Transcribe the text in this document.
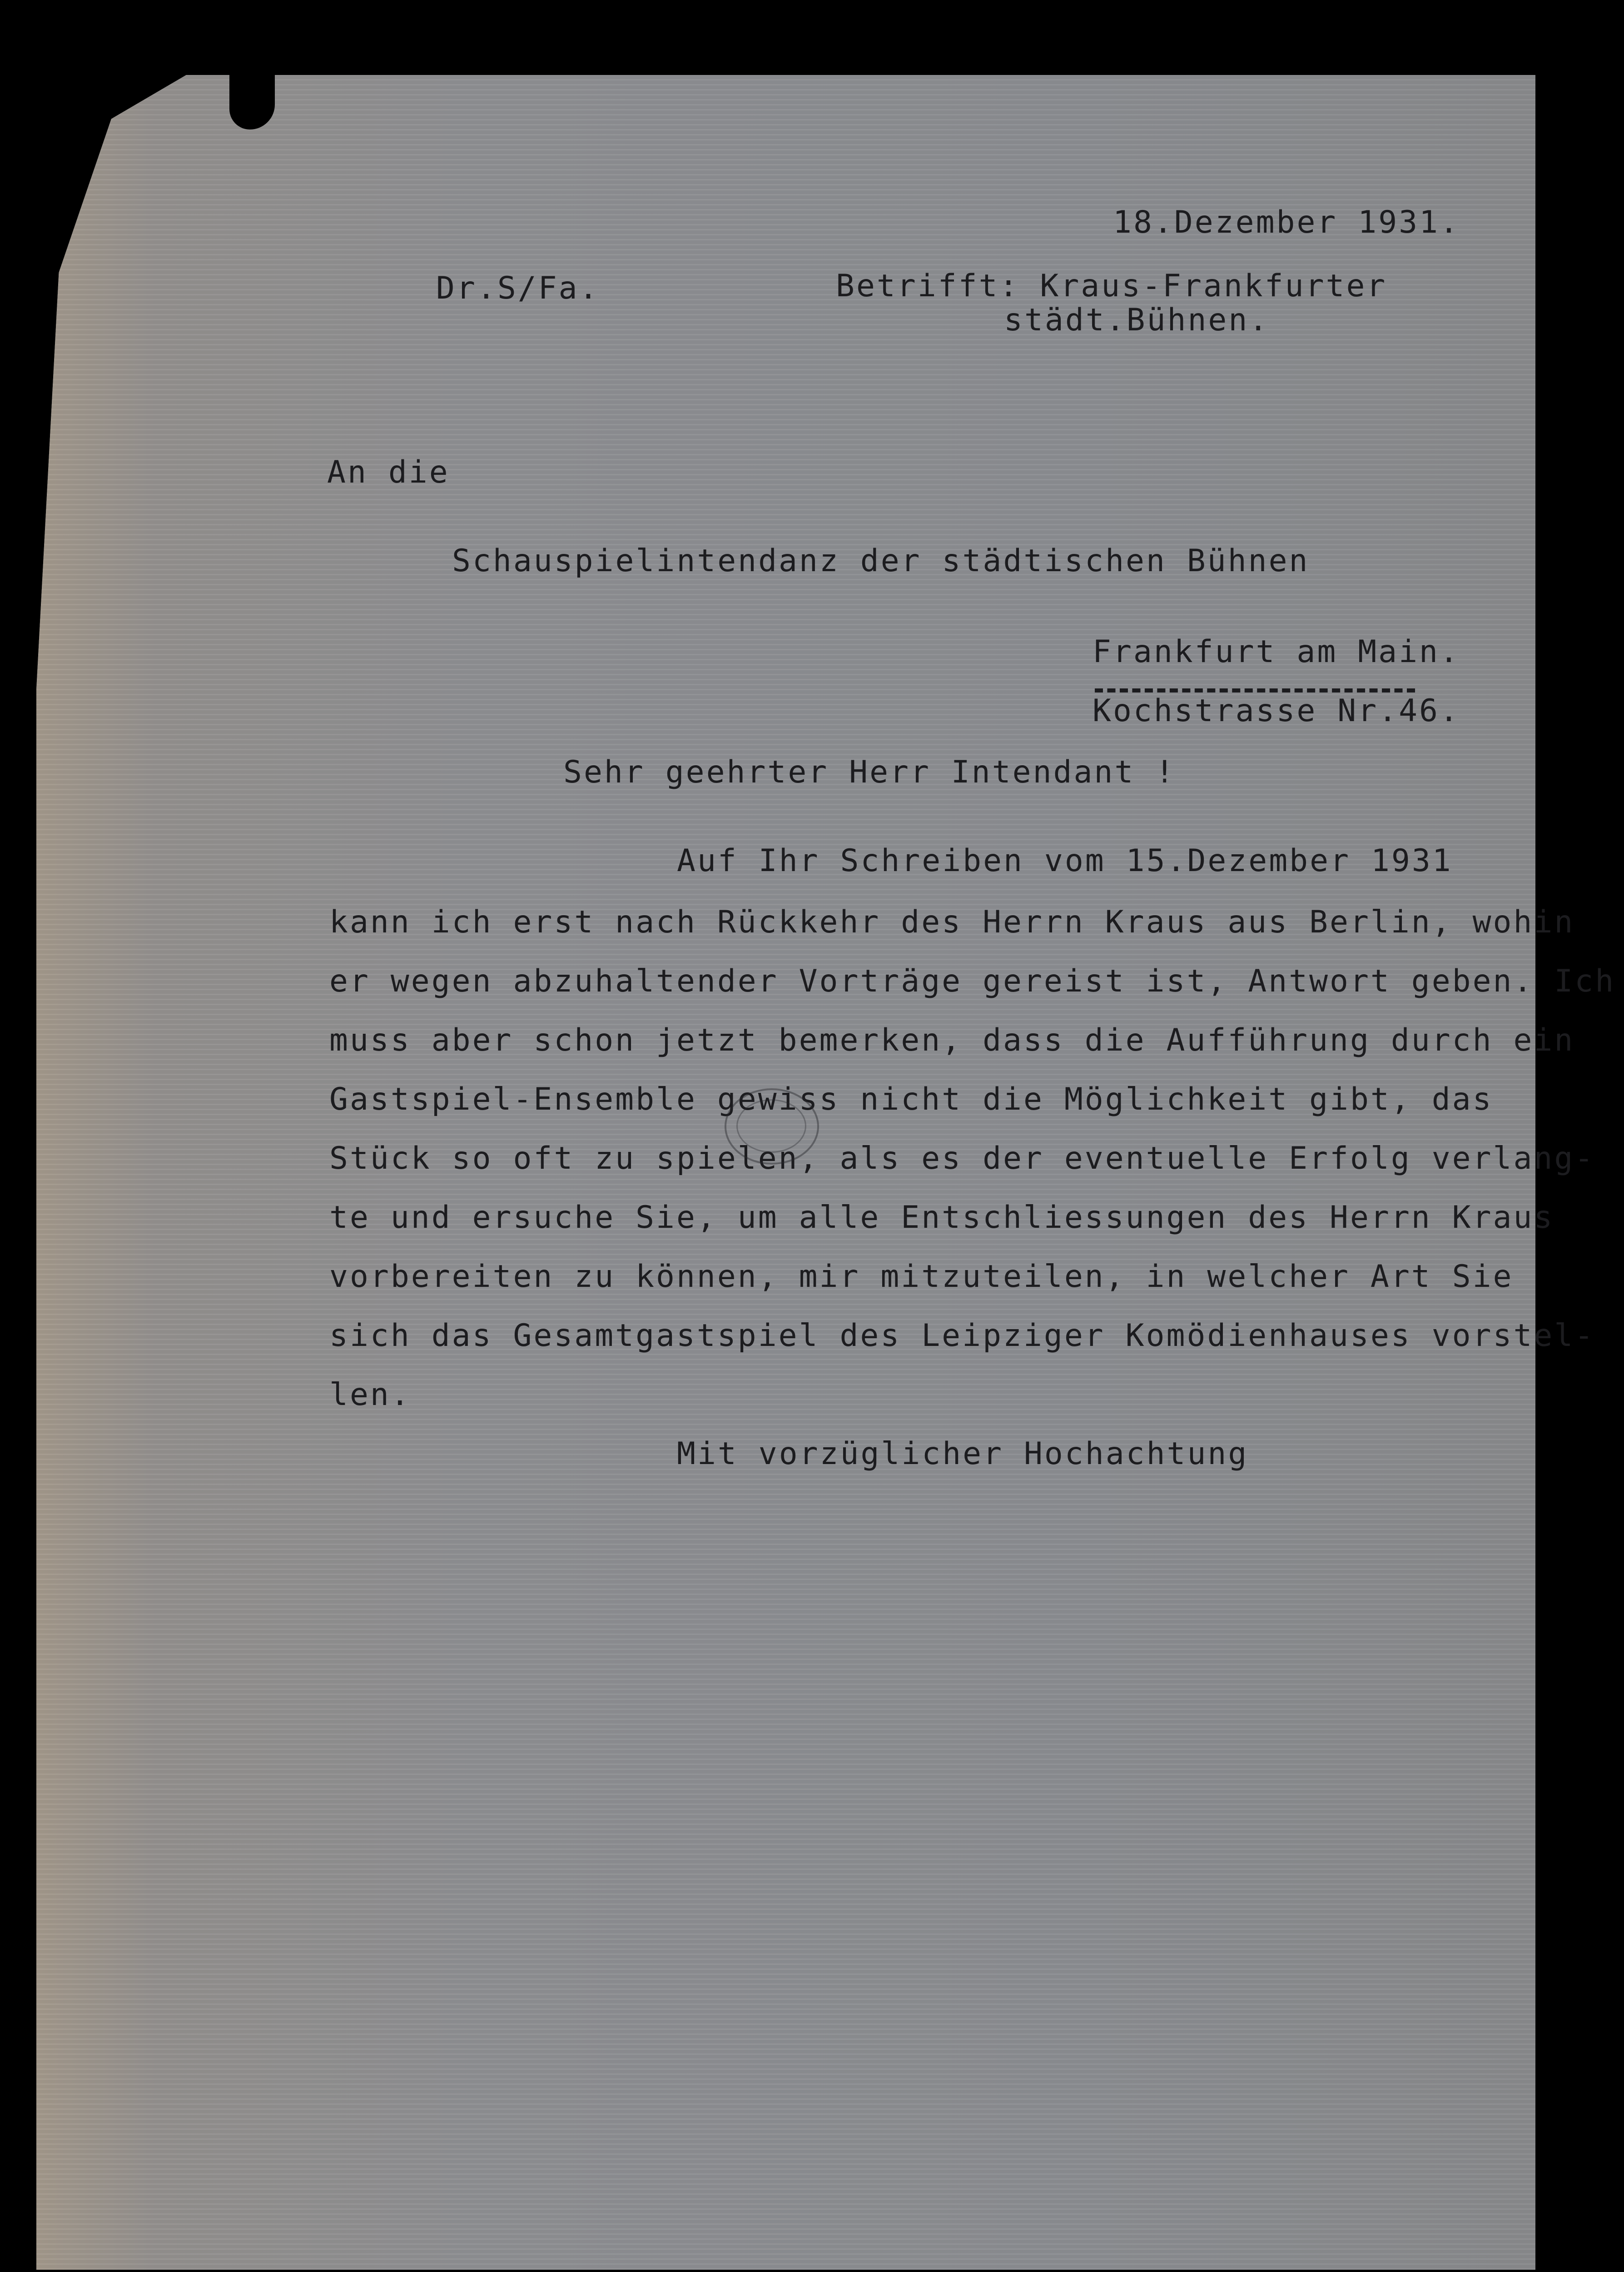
18.Dezember 1931.

Dr.S/Fa.	Betrifft: Kraus-Frankfurter

städt.Bühnen.

An die

Schauspielintendanz der städtischen Bühnen

Frankfurt am Main.

Kochstrasse Nr.46.

Sehr geehrter Herr Intendant !

Auf Ihr Schreiben vom 15.Dezember 1931

kann ich erst nach Rückkehr des Herrn Kraus aus Berlin, wohin

er wegen abzuhaltender Vorträge gereist ist, Antwort geben. Ich

muss aber schon jetzt bemerken, dass die Aufführung durch ein

Gastspiel-Ensemble gewiss nicht die Möglichkeit gibt, das

Stück so oft zu spielen, als es der eventuelle Erfolg verlang-

te und ersuche Sie, um alle Entschliessungen des Herrn Kraus

vorbereiten zu können, mir mitzuteilen, in welcher Art Sie

sich das Gesamtgastspiel des Leipziger Komödienhauses vorstel-

len.

Mit vorzüglicher Hochachtung
